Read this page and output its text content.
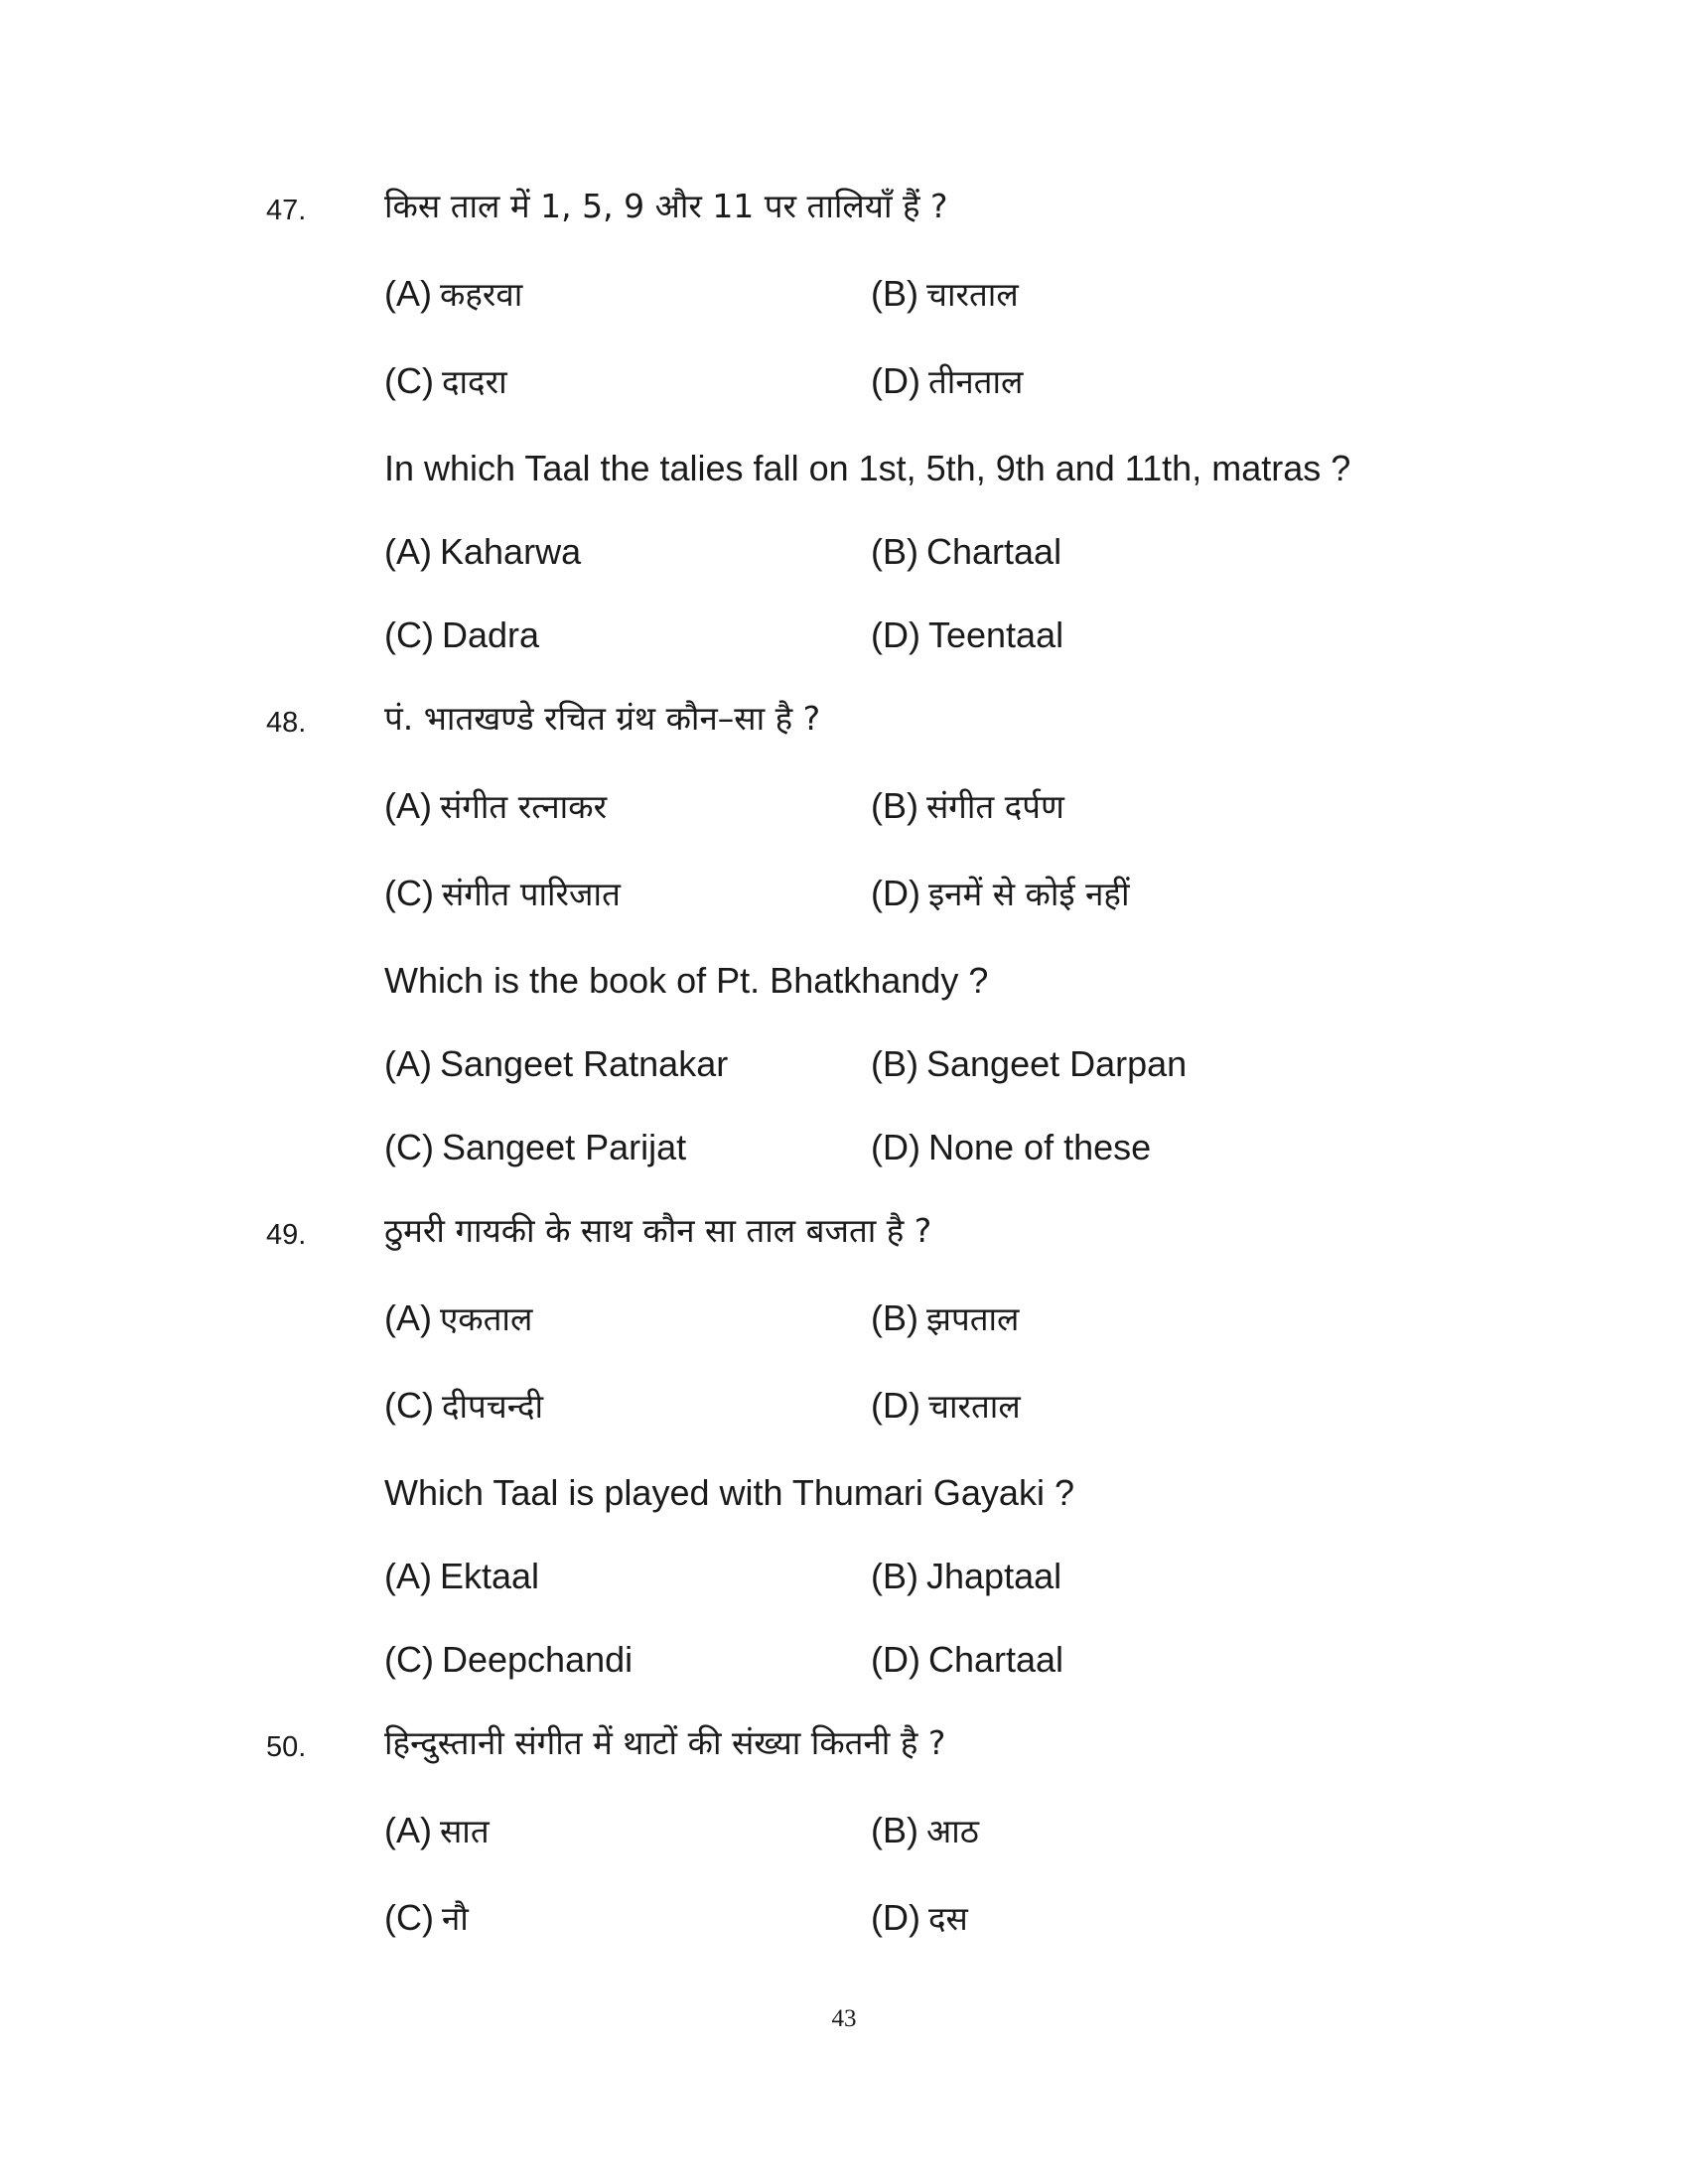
47. किस ताल में 1, 5, 9 और 11 पर तालियाँ हैं ?
(A) कहरवा	(B) चारताल
(C) दादरा	(D) तीनताल
In which Taal the talies fall on 1st, 5th, 9th and 11th, matras ?
(A) Kaharwa	(B) Chartaal
(C) Dadra	(D) Teentaal
48. पं. भातखण्डे रचित ग्रंथ कौन–सा है ?
(A) संगीत रत्नाकर	(B) संगीत दर्पण
(C) संगीत पारिजात	(D) इनमें से कोई नहीं
Which is the book of Pt. Bhatkhandy ?
(A) Sangeet Ratnakar	(B) Sangeet Darpan
(C) Sangeet Parijat	(D) None of these
49. ठुमरी गायकी के साथ कौन सा ताल बजता है ?
(A) एकताल	(B) झपताल
(C) दीपचन्दी	(D) चारताल
Which Taal is played with Thumari Gayaki ?
(A) Ektaal	(B) Jhaptaal
(C) Deepchandi	(D) Chartaal
50. हिन्दुस्तानी संगीत में थाटों की संख्या कितनी है ?
(A) सात	(B) आठ
(C) नौ	(D) दस
43
